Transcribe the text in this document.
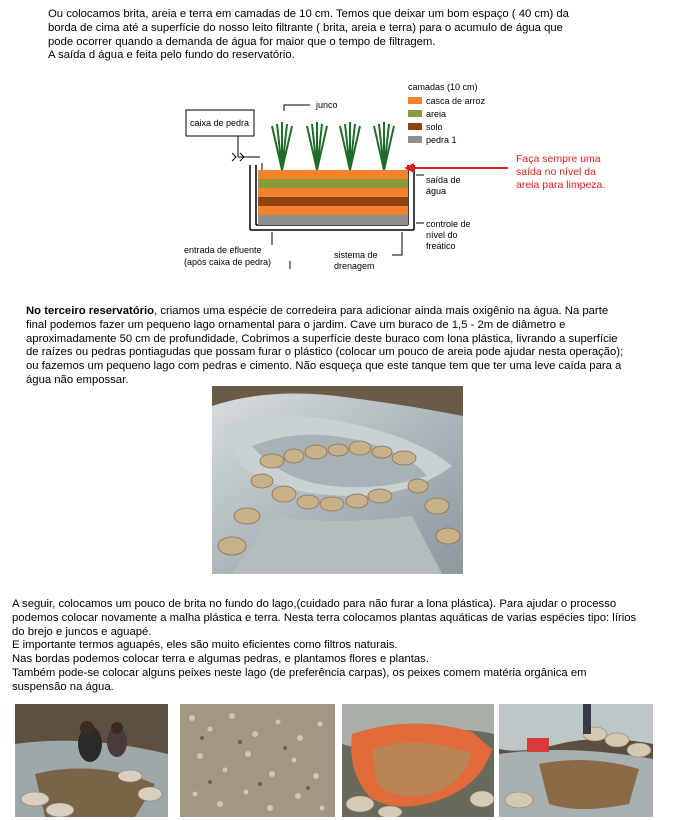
Ou colocamos brita, areia e terra em camadas de 10 cm. Temos que deixar um bom espaço ( 40 cm) da

borda de cima até a superfície do nosso leito filtrante ( brita, areia e terra) para o acumulo de água que

pode ocorrer quando a demanda de água for maior que o tempo de filtragem.

A saída d água e feita pelo fundo do reservatório.

caixa de pedra
junco
camadas (10 cm)
casca de arroz
areia
solo
pedra 1
saída de
água
controle de
nível do
freático
sistema de
drenagem
entrada de efluente
(após caixa de pedra)
Faça sempre uma
saída no nível da
areia para limpeza.

No terceiro reservatório, criamos uma espécie de corredeira para adicionar ainda mais oxigênio na água. Na parte

final podemos fazer um pequeno lago ornamental para o jardim. Cave um buraco de 1,5 - 2m de diâmetro e

aproximadamente 50 cm de profundidade, Cobrimos a superfície deste buraco com lona plástica, livrando a superfície

de raízes ou pedras pontiagudas que possam furar o plástico (colocar um pouco de areia pode ajudar nesta operação);

ou fazemos um pequeno lago com pedras e cimento. Não esqueça que este tanque tem que ter uma leve caída para a

água não empossar.

A seguir, colocamos um pouco de brita no fundo do lago,(cuidado para não furar a lona plástica). Para ajudar o processo

podemos colocar novamente a malha plástica e terra. Nesta terra colocamos plantas aquáticas de varias espécies tipo: lírios

do brejo e juncos e aguapé.

E importante termos aguapés, eles são muito eficientes como filtros naturais.

Nas bordas podemos colocar terra e algumas pedras, e plantamos flores e plantas.

Também pode-se colocar alguns peixes neste lago (de preferência carpas), os peixes comem matéria orgânica em

suspensão na água.
